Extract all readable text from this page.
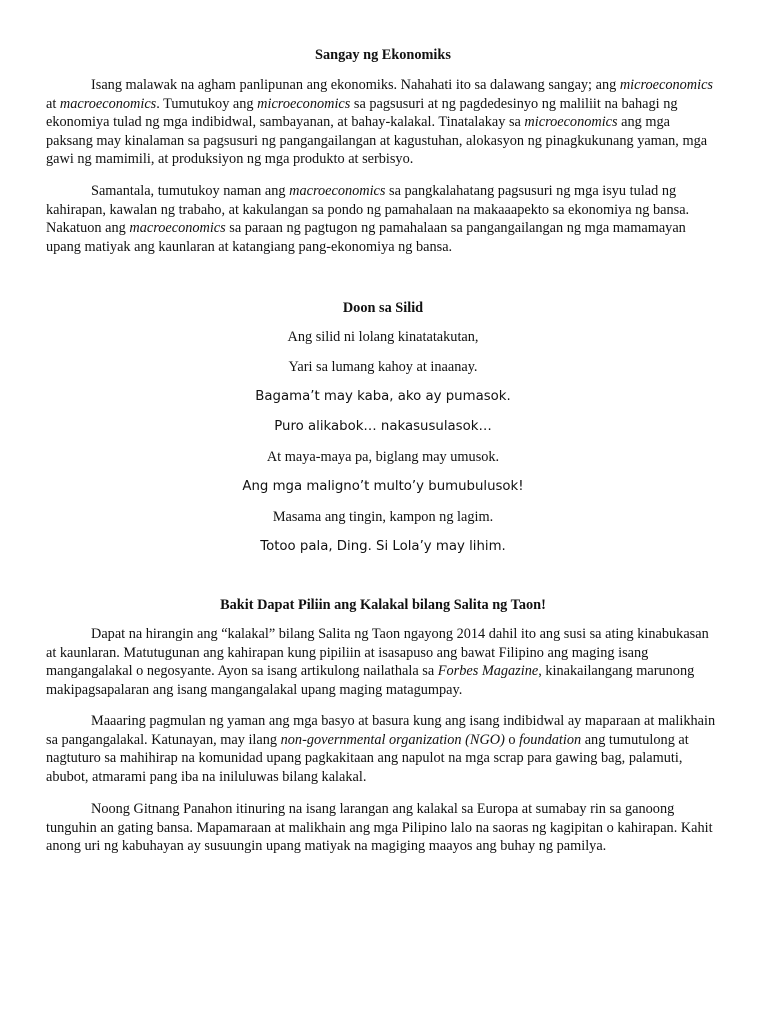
Sangay ng Ekonomiks

Isang malawak na agham panlipunan ang ekonomiks. Nahahati ito sa dalawang sangay; ang microeconomics at macroeconomics. Tumutukoy ang microeconomics sa pagsusuri at ng pagdedesinyo ng maliliit na bahagi ng ekonomiya tulad ng mga indibidwal, sambayanan, at bahay-kalakal. Tinatalakay sa microeconomics ang mga paksang may kinalaman sa pagsusuri ng pangangailangan at kagustuhan, alokasyon ng pinagkukunang yaman, mga gawi ng mamimili, at produksiyon ng mga produkto at serbisyo.

Samantala, tumutukoy naman ang macroeconomics sa pangkalahatang pagsusuri ng mga isyu tulad ng kahirapan, kawalan ng trabaho, at kakulangan sa pondo ng pamahalaan na makaaapekto sa ekonomiya ng bansa. Nakatuon ang macroeconomics sa paraan ng pagtugon ng pamahalaan sa pangangailangan ng mga mamamayan upang matiyak ang kaunlaran at katangiang pang-ekonomiya ng bansa.

Doon sa Silid

Ang silid ni lolang kinatatakutan,

Yari sa lumang kahoy at inaanay.

Bagama’t may kaba, ako ay pumasok.

Puro alikabok… nakasusulasok…

At maya-maya pa, biglang may umusok.

Ang mga maligno’t multo’y bumubulusok!

Masama ang tingin, kampon ng lagim.

Totoo pala, Ding. Si Lola’y may lihim.

Bakit Dapat Piliin ang Kalakal bilang Salita ng Taon!

Dapat na hirangin ang “kalakal” bilang Salita ng Taon ngayong 2014 dahil ito ang susi sa ating kinabukasan at kaunlaran. Matutugunan ang kahirapan kung pipiliin at isasapuso ang bawat Filipino ang maging isang mangangalakal o negosyante. Ayon sa isang artikulong nailathala sa Forbes Magazine, kinakailangang marunong makipagsapalaran ang isang mangangalakal upang maging matagumpay.

Maaaring pagmulan ng yaman ang mga basyo at basura kung ang isang indibidwal ay maparaan at malikhain sa pangangalakal. Katunayan, may ilang non-governmental organization (NGO) o foundation ang tumutulong at nagtuturo sa mahihirap na komunidad upang pagkakitaan ang napulot na mga scrap para gawing bag, palamuti, abubot, atmarami pang iba na iniluluwas bilang kalakal.

Noong Gitnang Panahon itinuring na isang larangan ang kalakal sa Europa at sumabay rin sa ganoong tunguhin an gating bansa. Mapamaraan at malikhain ang mga Pilipino lalo na saoras ng kagipitan o kahirapan. Kahit anong uri ng kabuhayan ay susuungin upang matiyak na magiging maayos ang buhay ng pamilya.
